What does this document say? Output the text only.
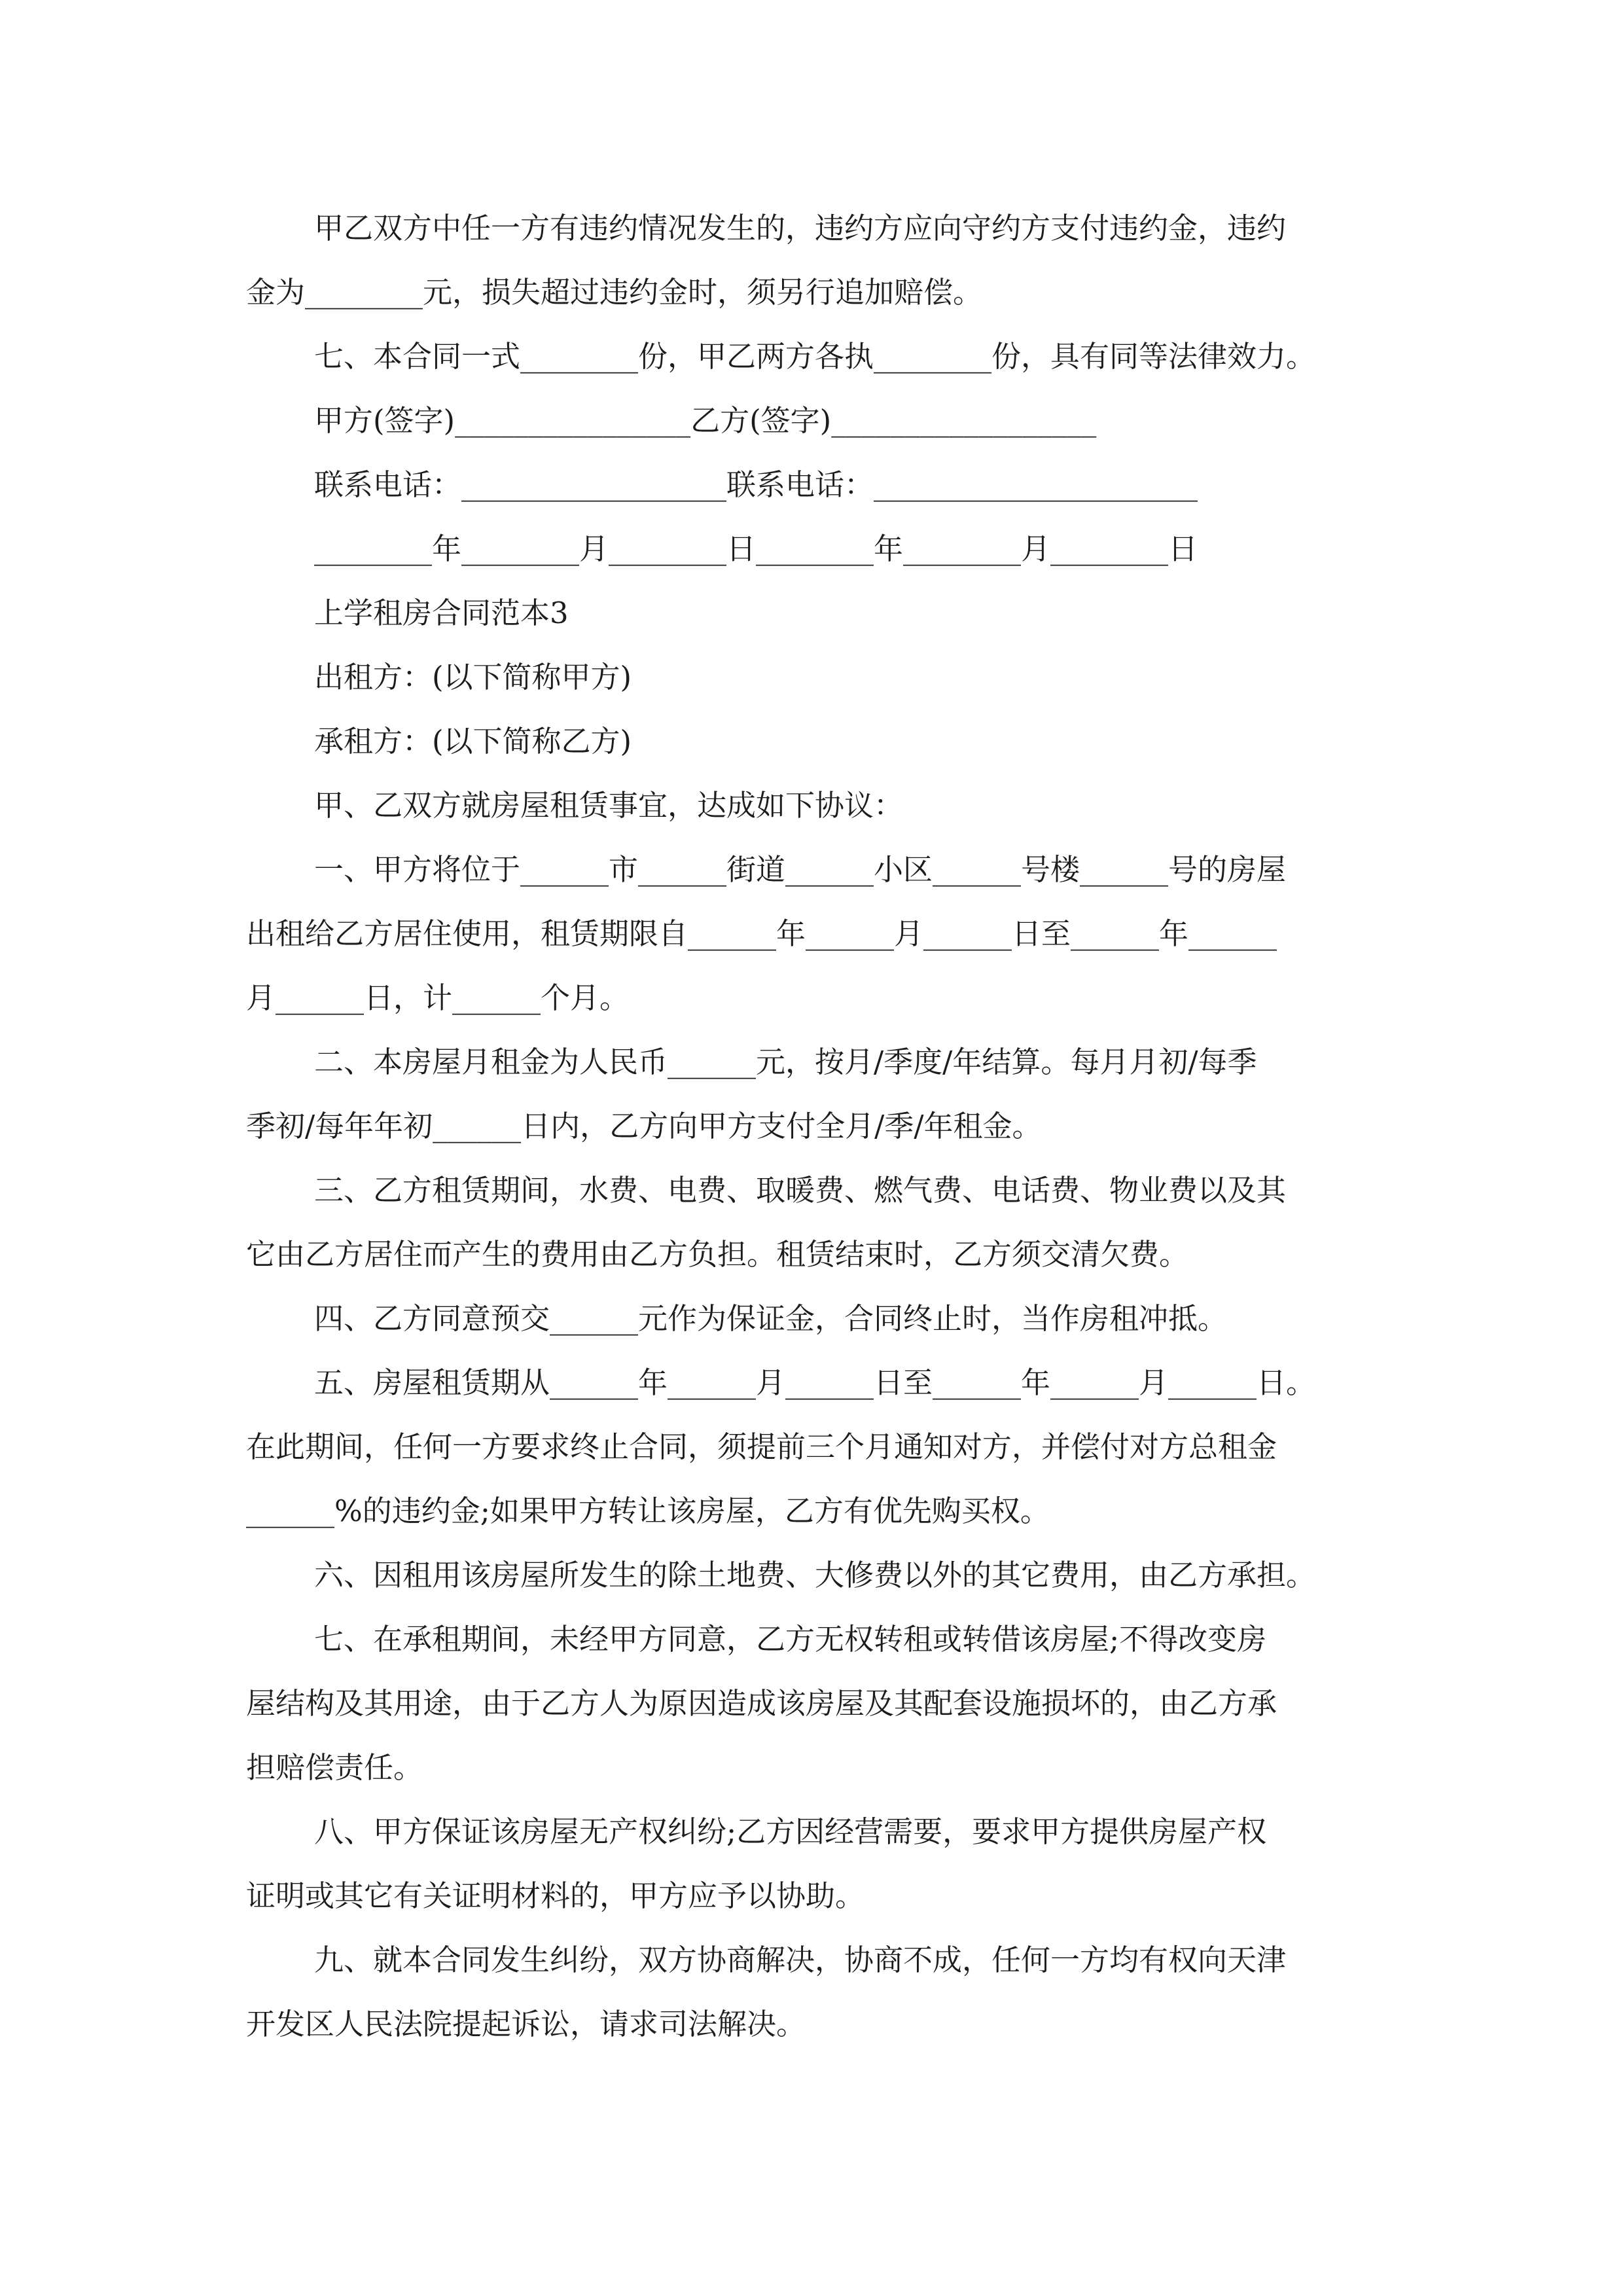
甲乙双方中任一方有违约情况发生的，违约方应向守约方支付违约金，违约
金为________元，损失超过违约金时，须另行追加赔偿。
七、本合同一式________份，甲乙两方各执________份，具有同等法律效力。
甲方(签字)________________乙方(签字)__________________
联系电话：__________________联系电话：______________________
________年________月________日________年________月________日
上学租房合同范本3
出租方：(以下简称甲方)
承租方：(以下简称乙方)
甲、乙双方就房屋租赁事宜，达成如下协议：
一、甲方将位于______市______街道______小区______号楼______号的房屋
出租给乙方居住使用，租赁期限自______年______月______日至______年______
月______日，计______个月。
二、本房屋月租金为人民币______元，按月/季度/年结算。每月月初/每季
季初/每年年初______日内，乙方向甲方支付全月/季/年租金。
三、乙方租赁期间，水费、电费、取暖费、燃气费、电话费、物业费以及其
它由乙方居住而产生的费用由乙方负担。租赁结束时，乙方须交清欠费。
四、乙方同意预交______元作为保证金，合同终止时，当作房租冲抵。
五、房屋租赁期从______年______月______日至______年______月______日。
在此期间，任何一方要求终止合同，须提前三个月通知对方，并偿付对方总租金
______%的违约金;如果甲方转让该房屋，乙方有优先购买权。
六、因租用该房屋所发生的除土地费、大修费以外的其它费用，由乙方承担。
七、在承租期间，未经甲方同意，乙方无权转租或转借该房屋;不得改变房
屋结构及其用途，由于乙方人为原因造成该房屋及其配套设施损坏的，由乙方承
担赔偿责任。
八、甲方保证该房屋无产权纠纷;乙方因经营需要，要求甲方提供房屋产权
证明或其它有关证明材料的，甲方应予以协助。
九、就本合同发生纠纷，双方协商解决，协商不成，任何一方均有权向天津
开发区人民法院提起诉讼，请求司法解决。
